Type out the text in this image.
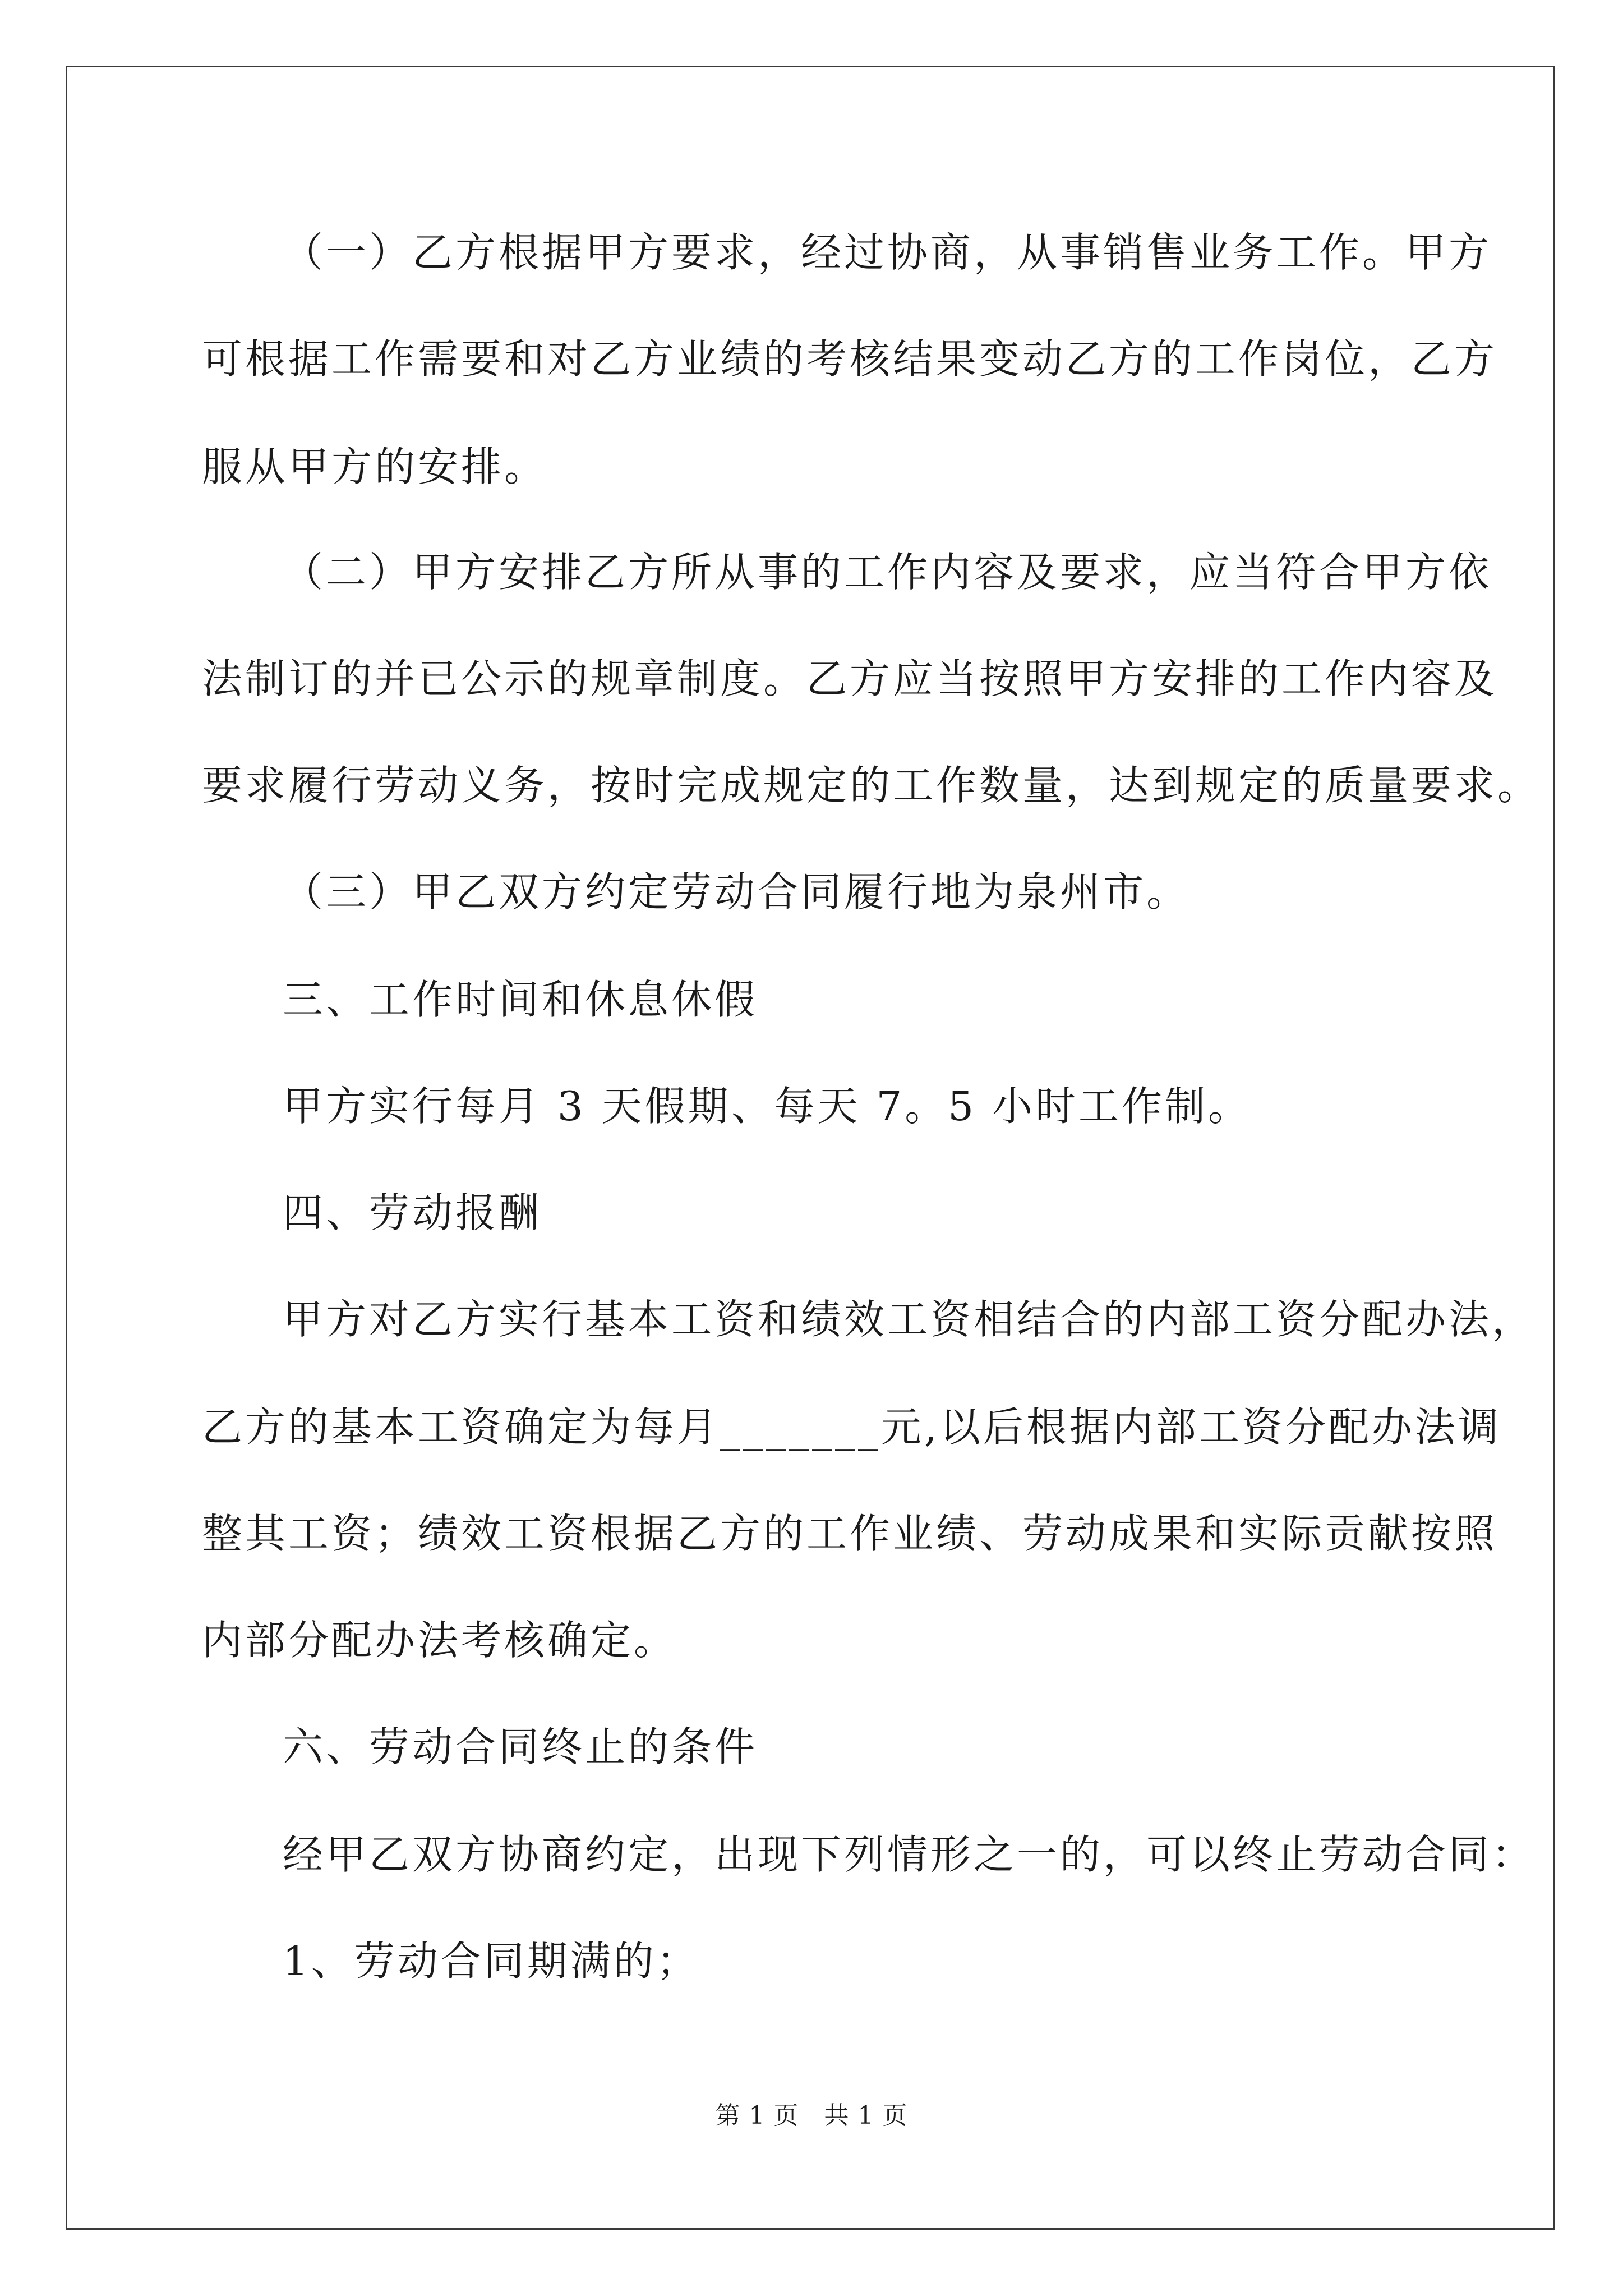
（一）乙方根据甲方要求，经过协商，从事销售业务工作。甲方
可根据工作需要和对乙方业绩的考核结果变动乙方的工作岗位，乙方
服从甲方的安排。
（二）甲方安排乙方所从事的工作内容及要求，应当符合甲方依
法制订的并已公示的规章制度。乙方应当按照甲方安排的工作内容及
要求履行劳动义务，按时完成规定的工作数量，达到规定的质量要求。
（三）甲乙双方约定劳动合同履行地为泉州市。
三、工作时间和休息休假
甲方实行每月 3 天假期、每天 7。5 小时工作制。
四、劳动报酬
甲方对乙方实行基本工资和绩效工资相结合的内部工资分配办法，
乙方的基本工资确定为每月_______元,以后根据内部工资分配办法调
整其工资；绩效工资根据乙方的工作业绩、劳动成果和实际贡献按照
内部分配办法考核确定。
六、劳动合同终止的条件
经甲乙双方协商约定，出现下列情形之一的，可以终止劳动合同：
1、劳动合同期满的；
第 1 页　共 1 页
